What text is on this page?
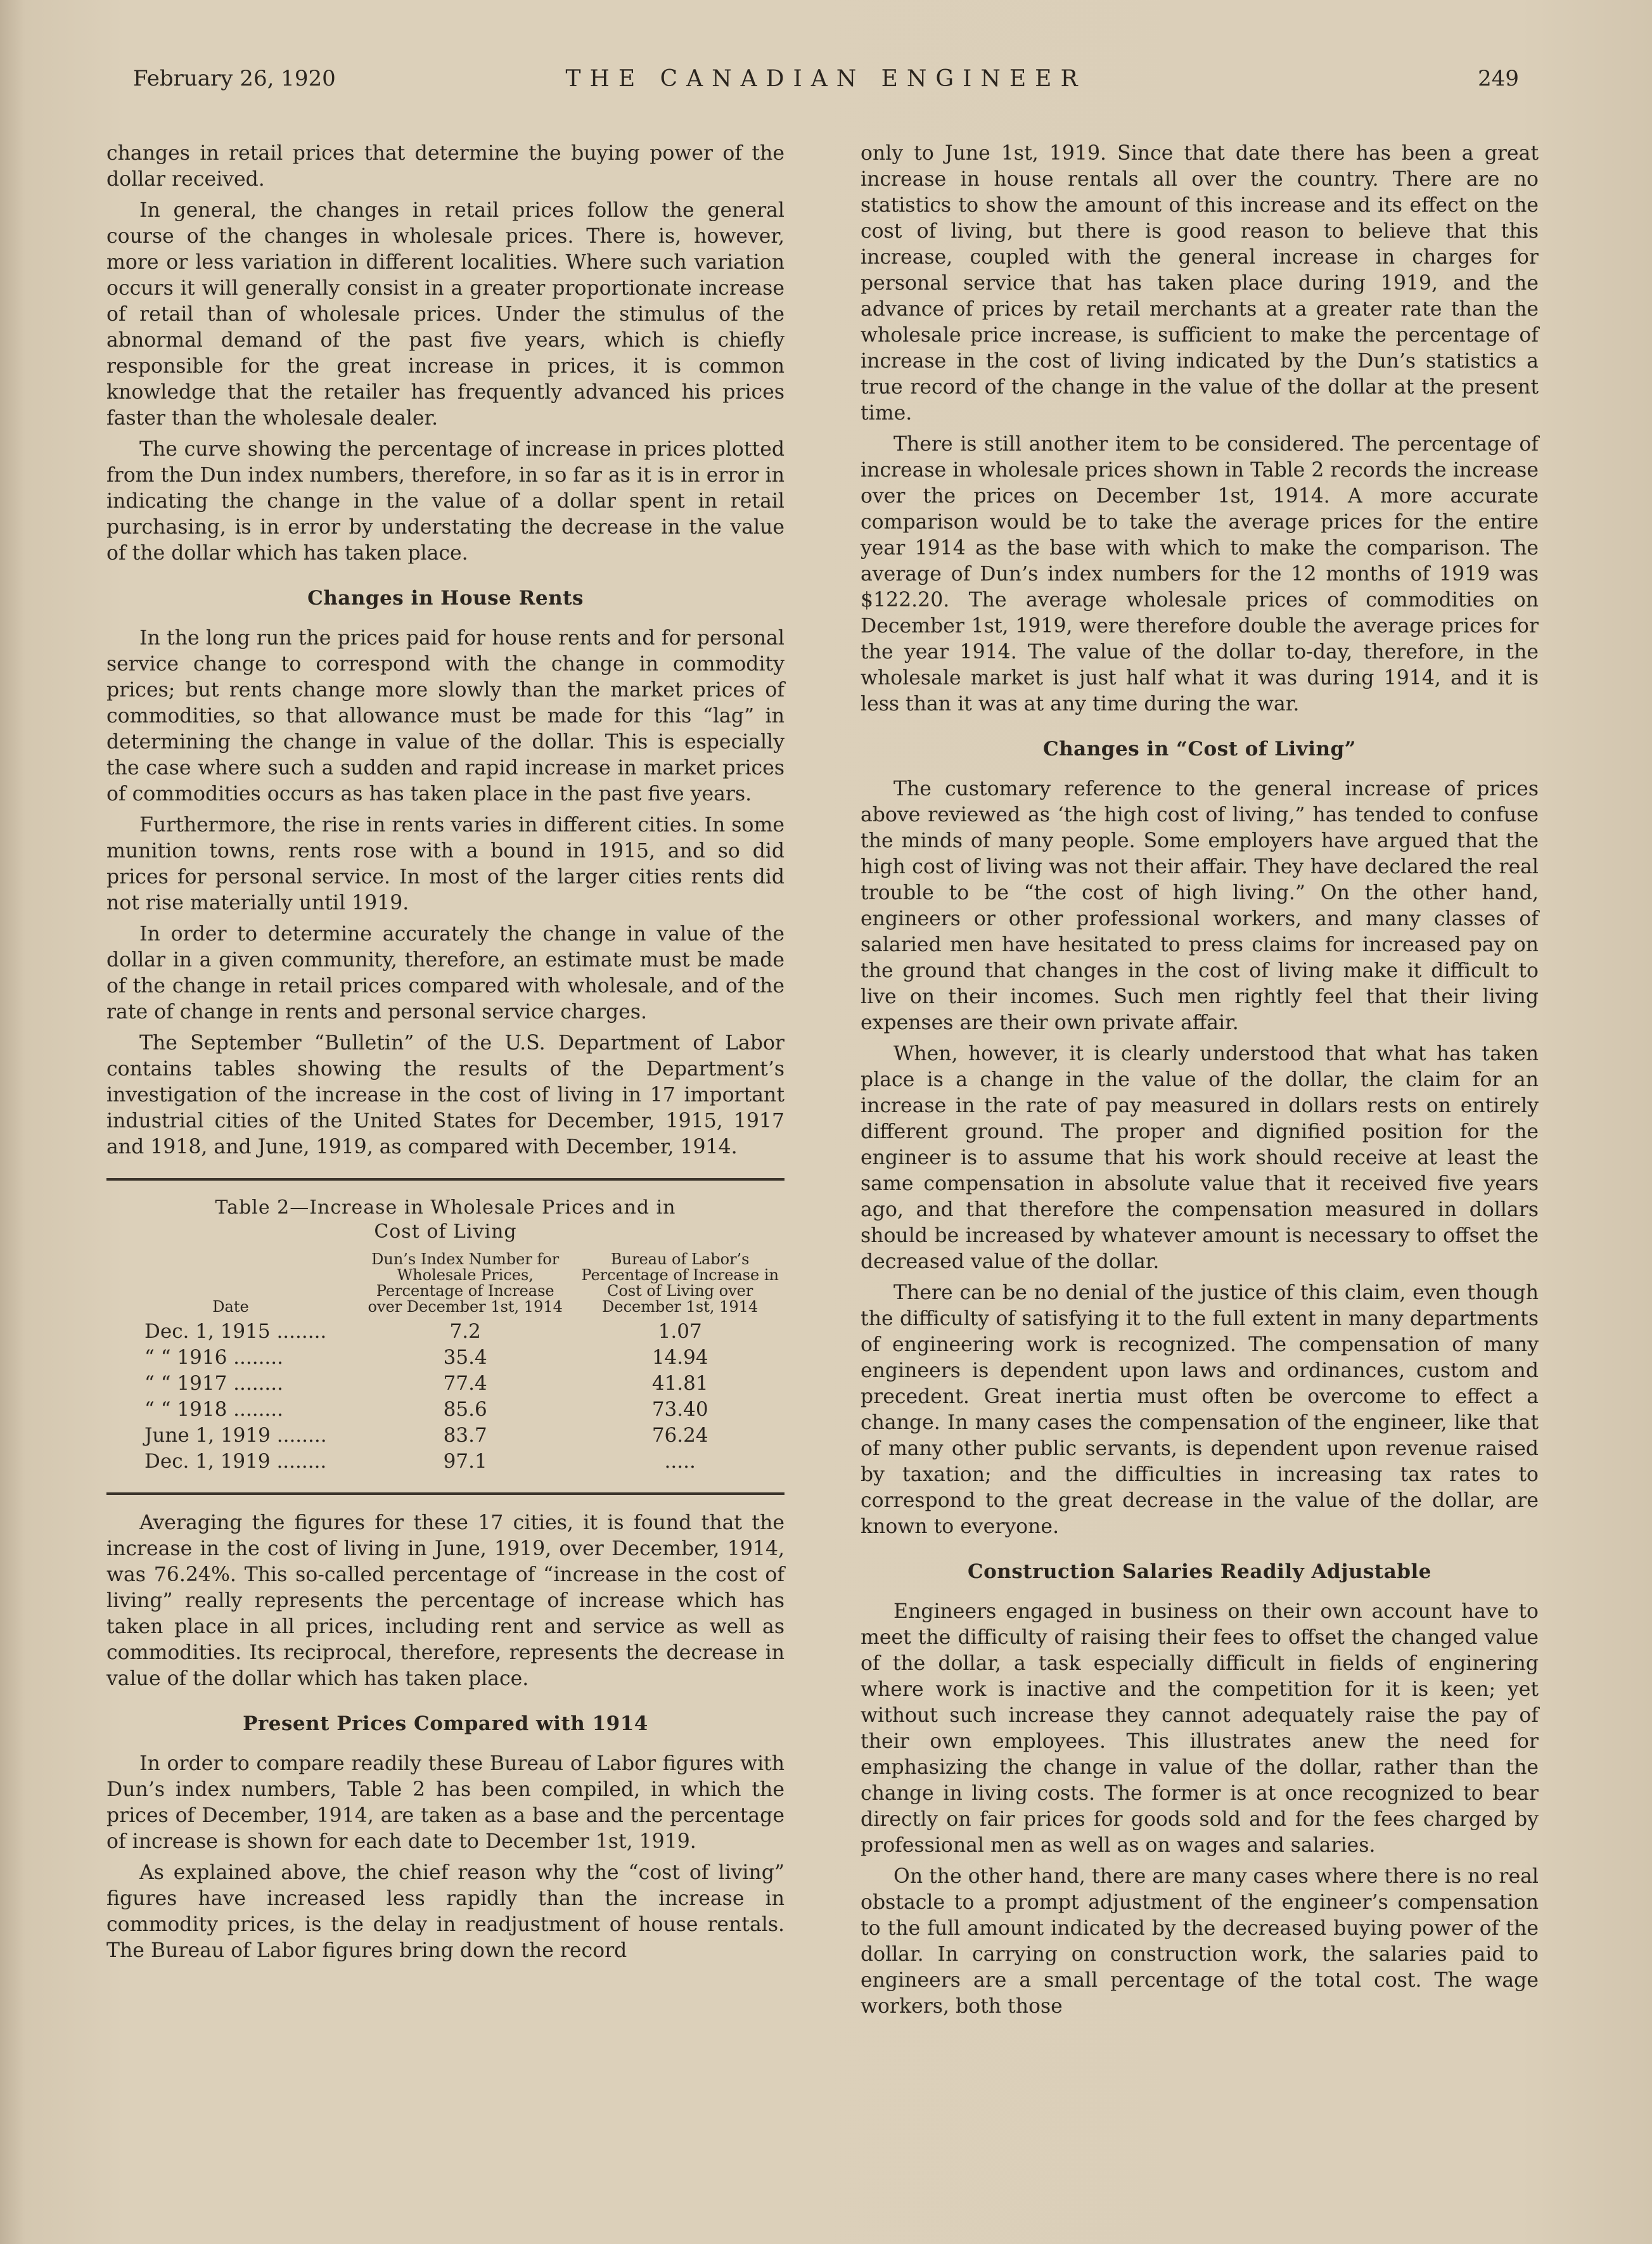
February 26, 1920	THE CANADIAN ENGINEER	249

changes in retail prices that determine the buying power of the dollar received.

In general, the changes in retail prices follow the general course of the changes in wholesale prices. There is, however, more or less variation in different localities. Where such variation occurs it will generally consist in a greater proportionate increase of retail than of wholesale prices. Under the stimulus of the abnormal demand of the past five years, which is chiefly responsible for the great increase in prices, it is common knowledge that the retailer has frequently advanced his prices faster than the wholesale dealer.

The curve showing the percentage of increase in prices plotted from the Dun index numbers, therefore, in so far as it is in error in indicating the change in the value of a dollar spent in retail purchasing, is in error by understating the decrease in the value of the dollar which has taken place.

Changes in House Rents

In the long run the prices paid for house rents and for personal service change to correspond with the change in commodity prices; but rents change more slowly than the market prices of commodities, so that allowance must be made for this “lag” in determining the change in value of the dollar. This is especially the case where such a sudden and rapid increase in market prices of commodities occurs as has taken place in the past five years.

Furthermore, the rise in rents varies in different cities. In some munition towns, rents rose with a bound in 1915, and so did prices for personal service. In most of the larger cities rents did not rise materially until 1919.

In order to determine accurately the change in value of the dollar in a given community, therefore, an estimate must be made of the change in retail prices compared with wholesale, and of the rate of change in rents and personal service charges.

The September “Bulletin” of the U.S. Department of Labor contains tables showing the results of the Department’s investigation of the increase in the cost of living in 17 important industrial cities of the United States for December, 1915, 1917 and 1918, and June, 1919, as compared with December, 1914.

Table 2—Increase in Wholesale Prices and in
Cost of Living
Date	Dun’s Index Number for Wholesale Prices, Percentage of Increase over December 1st, 1914	Bureau of Labor’s Percentage of Increase in Cost of Living over December 1st, 1914
Dec. 1, 1915 ........	7.2	1.07
“ “ 1916 ........	35.4	14.94
“ “ 1917 ........	77.4	41.81
“ “ 1918 ........	85.6	73.40
June 1, 1919 ........	83.7	76.24
Dec. 1, 1919 ........	97.1	.....

Averaging the figures for these 17 cities, it is found that the increase in the cost of living in June, 1919, over December, 1914, was 76.24%. This so-called percentage of “increase in the cost of living” really represents the percentage of increase which has taken place in all prices, including rent and service as well as commodities. Its reciprocal, therefore, represents the decrease in value of the dollar which has taken place.

Present Prices Compared with 1914

In order to compare readily these Bureau of Labor figures with Dun’s index numbers, Table 2 has been compiled, in which the prices of December, 1914, are taken as a base and the percentage of increase is shown for each date to December 1st, 1919.

As explained above, the chief reason why the “cost of living” figures have increased less rapidly than the increase in commodity prices, is the delay in readjustment of house rentals. The Bureau of Labor figures bring down the record

only to June 1st, 1919. Since that date there has been a great increase in house rentals all over the country. There are no statistics to show the amount of this increase and its effect on the cost of living, but there is good reason to believe that this increase, coupled with the general increase in charges for personal service that has taken place during 1919, and the advance of prices by retail merchants at a greater rate than the wholesale price increase, is sufficient to make the percentage of increase in the cost of living indicated by the Dun’s statistics a true record of the change in the value of the dollar at the present time.

There is still another item to be considered. The percentage of increase in wholesale prices shown in Table 2 records the increase over the prices on December 1st, 1914. A more accurate comparison would be to take the average prices for the entire year 1914 as the base with which to make the comparison. The average of Dun’s index numbers for the 12 months of 1919 was $122.20. The average wholesale prices of commodities on December 1st, 1919, were therefore double the average prices for the year 1914. The value of the dollar to-day, therefore, in the wholesale market is just half what it was during 1914, and it is less than it was at any time during the war.

Changes in “Cost of Living”

The customary reference to the general increase of prices above reviewed as ‘the high cost of living,” has tended to confuse the minds of many people. Some employers have argued that the high cost of living was not their affair. They have declared the real trouble to be “the cost of high living.” On the other hand, engineers or other professional workers, and many classes of salaried men have hesitated to press claims for increased pay on the ground that changes in the cost of living make it difficult to live on their incomes. Such men rightly feel that their living expenses are their own private affair.

When, however, it is clearly understood that what has taken place is a change in the value of the dollar, the claim for an increase in the rate of pay measured in dollars rests on entirely different ground. The proper and dignified position for the engineer is to assume that his work should receive at least the same compensation in absolute value that it received five years ago, and that therefore the compensation measured in dollars should be increased by whatever amount is necessary to offset the decreased value of the dollar.

There can be no denial of the justice of this claim, even though the difficulty of satisfying it to the full extent in many departments of engineering work is recognized. The compensation of many engineers is dependent upon laws and ordinances, custom and precedent. Great inertia must often be overcome to effect a change. In many cases the compensation of the engineer, like that of many other public servants, is dependent upon revenue raised by taxation; and the difficulties in increasing tax rates to correspond to the great decrease in the value of the dollar, are known to everyone.

Construction Salaries Readily Adjustable

Engineers engaged in business on their own account have to meet the difficulty of raising their fees to offset the changed value of the dollar, a task especially difficult in fields of enginering where work is inactive and the competition for it is keen; yet without such increase they cannot adequately raise the pay of their own employees. This illustrates anew the need for emphasizing the change in value of the dollar, rather than the change in living costs. The former is at once recognized to bear directly on fair prices for goods sold and for the fees charged by professional men as well as on wages and salaries.

On the other hand, there are many cases where there is no real obstacle to a prompt adjustment of the engineer’s compensation to the full amount indicated by the decreased buying power of the dollar. In carrying on construction work, the salaries paid to engineers are a small percentage of the total cost. The wage workers, both those
